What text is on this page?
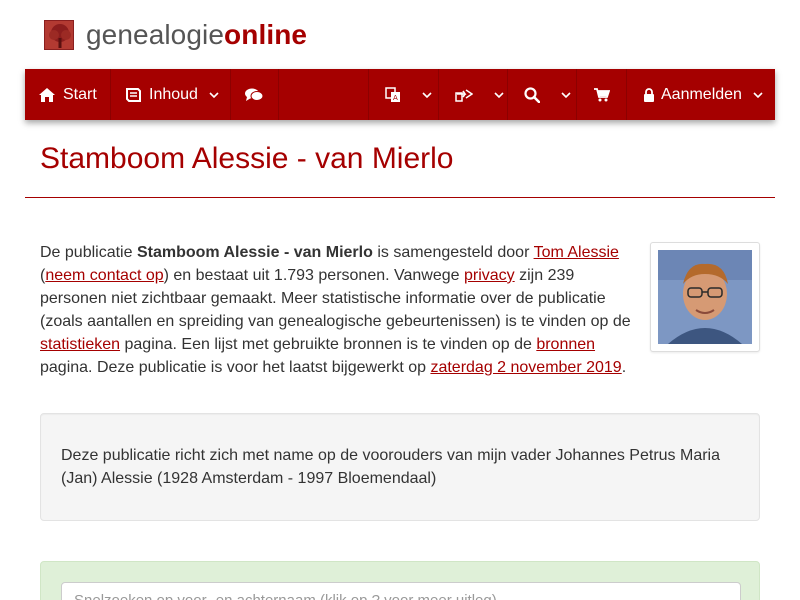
genealogieonline
Start	Inhoud	A	Aanmelden
Stamboom Alessie - van Mierlo

De publicatie Stamboom Alessie - van Mierlo is samengesteld door Tom Alessie (neem contact op) en bestaat uit 1.793 personen. Vanwege privacy zijn 239 personen niet zichtbaar gemaakt. Meer statistische informatie over de publicatie (zoals aantallen en spreiding van genealogische gebeurtenissen) is te vinden op de statistieken pagina. Een lijst met gebruikte bronnen is te vinden op de bronnen pagina. Deze publicatie is voor het laatst bijgewerkt op zaterdag 2 november 2019.

Deze publicatie richt zich met name op de voorouders van mijn vader Johannes Petrus Maria (Jan) Alessie (1928 Amsterdam - 1997 Bloemendaal)

Snelzoeken op voor- en achternaam (klik op ? voor meer uitleg)
